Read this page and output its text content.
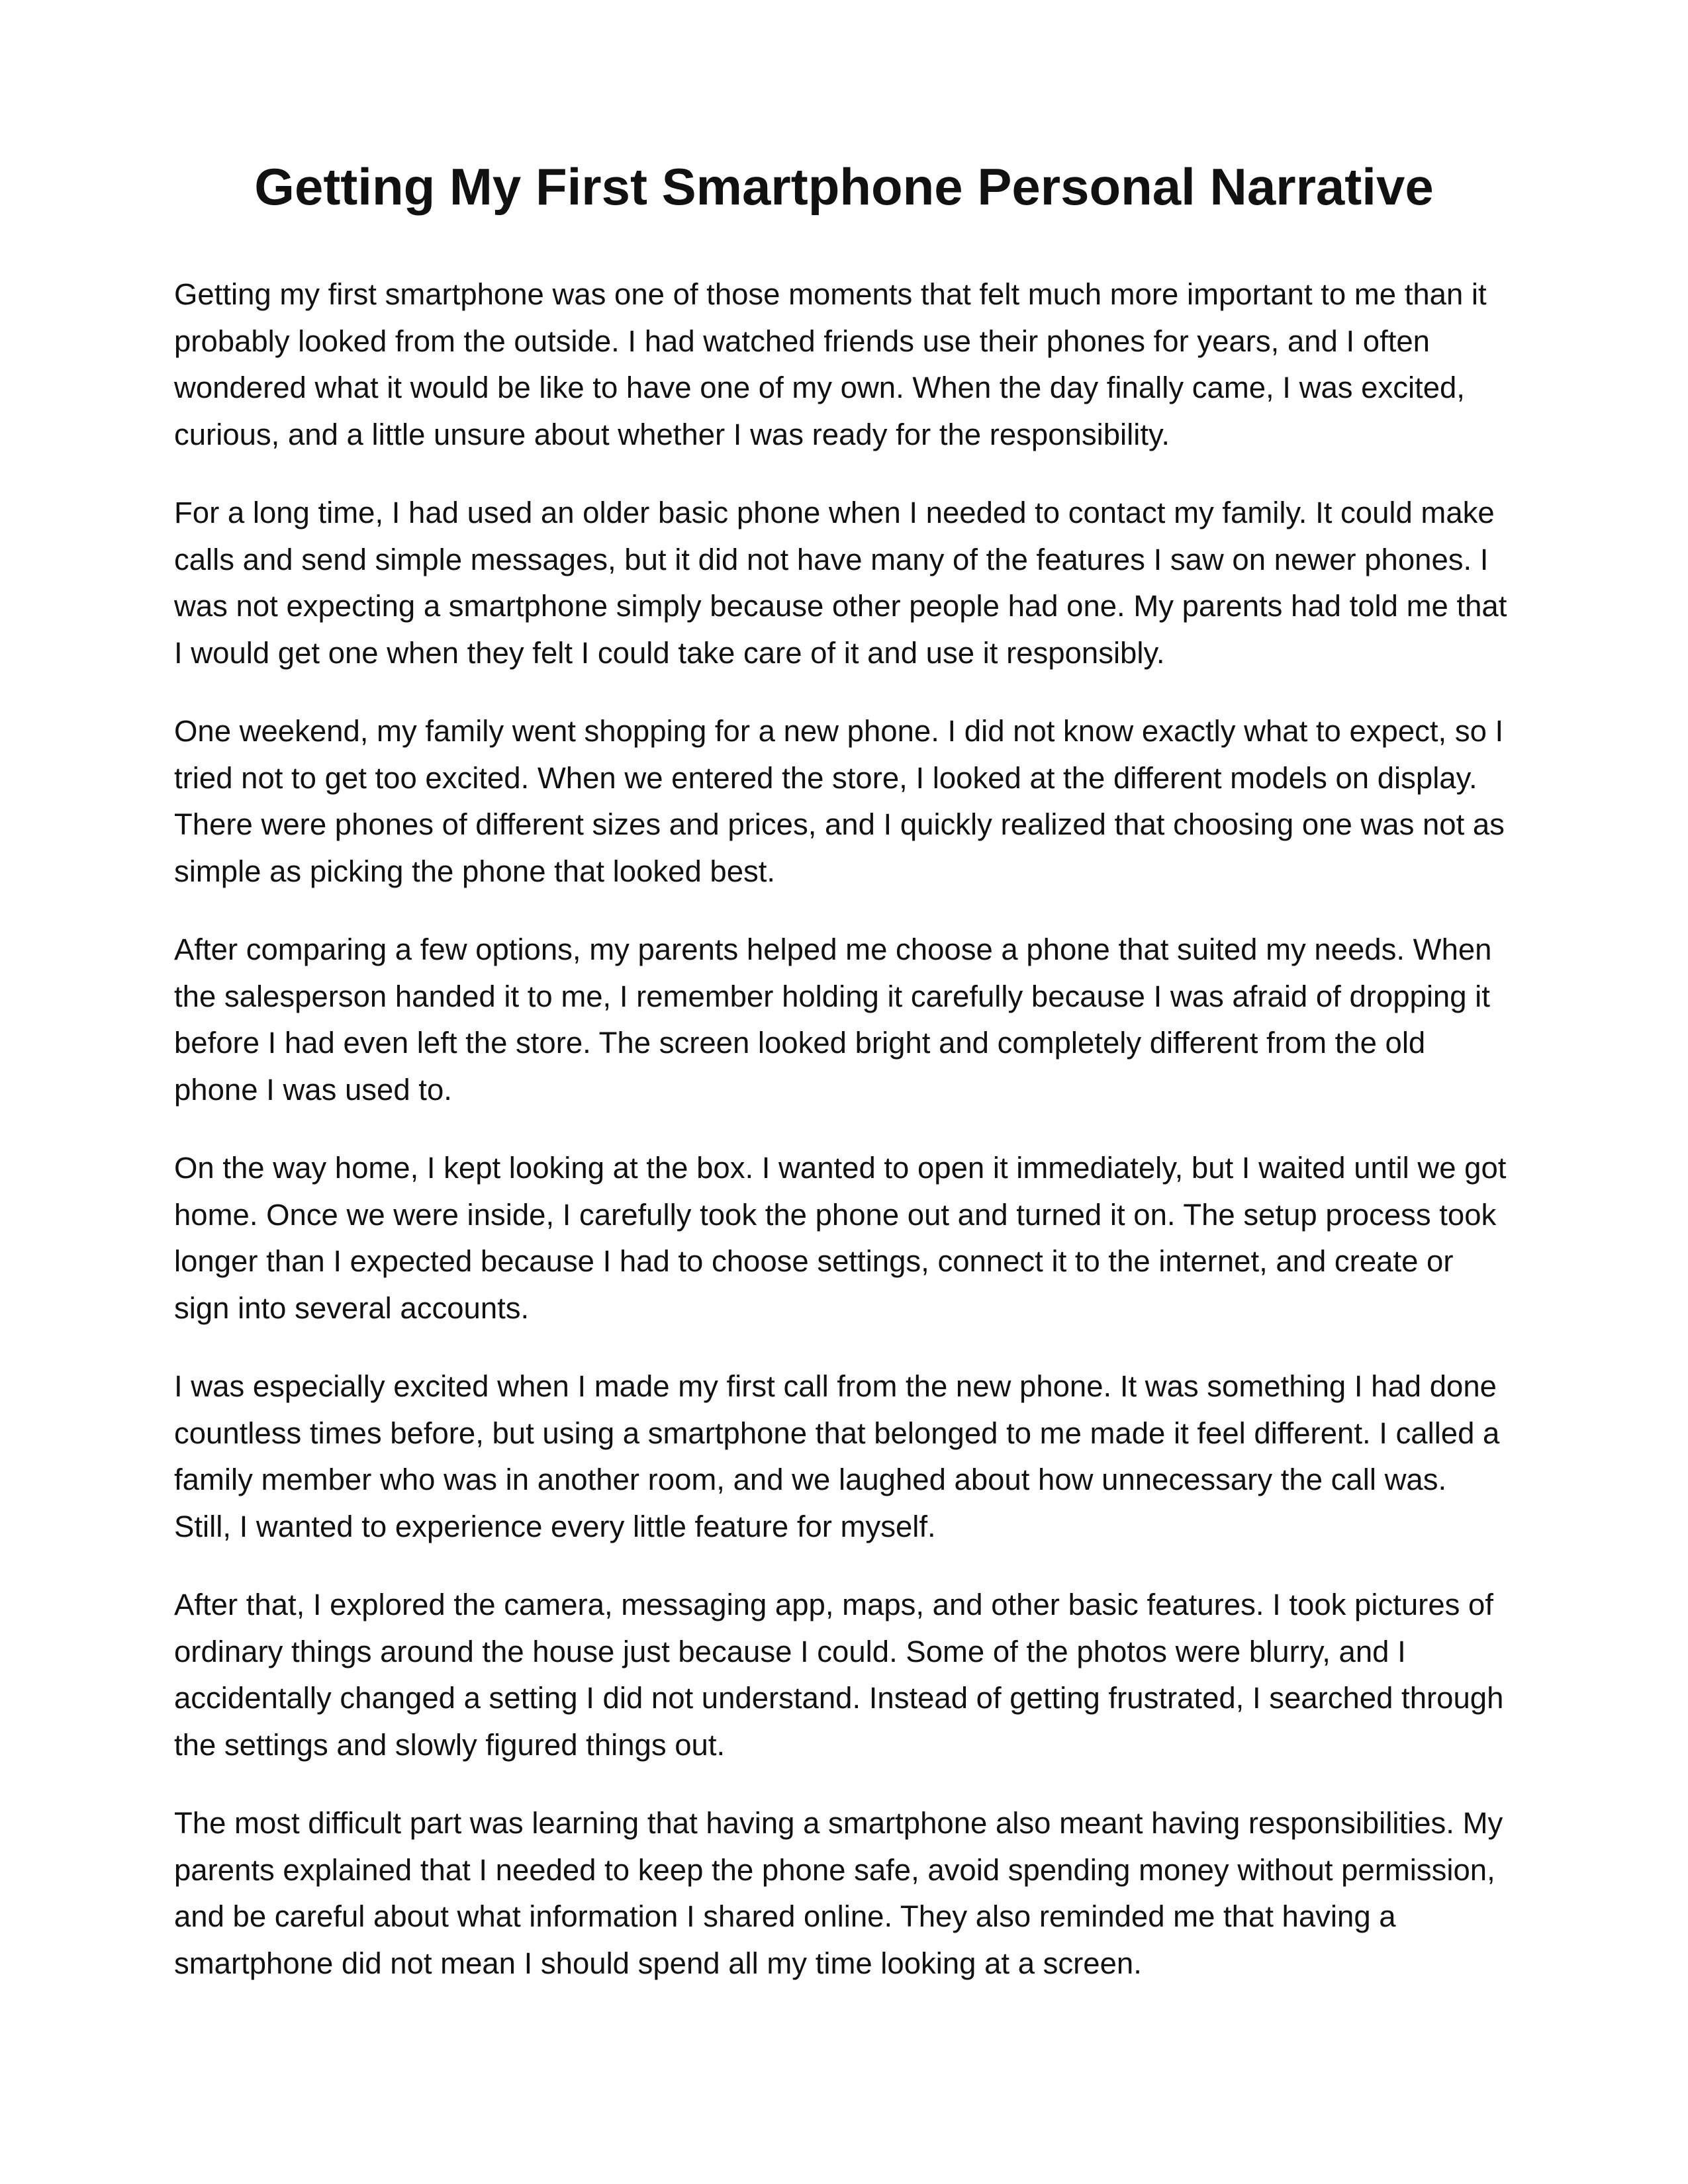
Getting My First Smartphone Personal Narrative

Getting my first smartphone was one of those moments that felt much more important to me than it
probably looked from the outside. I had watched friends use their phones for years, and I often
wondered what it would be like to have one of my own. When the day finally came, I was excited,
curious, and a little unsure about whether I was ready for the responsibility.

For a long time, I had used an older basic phone when I needed to contact my family. It could make
calls and send simple messages, but it did not have many of the features I saw on newer phones. I
was not expecting a smartphone simply because other people had one. My parents had told me that
I would get one when they felt I could take care of it and use it responsibly.

One weekend, my family went shopping for a new phone. I did not know exactly what to expect, so I
tried not to get too excited. When we entered the store, I looked at the different models on display.
There were phones of different sizes and prices, and I quickly realized that choosing one was not as
simple as picking the phone that looked best.

After comparing a few options, my parents helped me choose a phone that suited my needs. When
the salesperson handed it to me, I remember holding it carefully because I was afraid of dropping it
before I had even left the store. The screen looked bright and completely different from the old
phone I was used to.

On the way home, I kept looking at the box. I wanted to open it immediately, but I waited until we got
home. Once we were inside, I carefully took the phone out and turned it on. The setup process took
longer than I expected because I had to choose settings, connect it to the internet, and create or
sign into several accounts.

I was especially excited when I made my first call from the new phone. It was something I had done
countless times before, but using a smartphone that belonged to me made it feel different. I called a
family member who was in another room, and we laughed about how unnecessary the call was.
Still, I wanted to experience every little feature for myself.

After that, I explored the camera, messaging app, maps, and other basic features. I took pictures of
ordinary things around the house just because I could. Some of the photos were blurry, and I
accidentally changed a setting I did not understand. Instead of getting frustrated, I searched through
the settings and slowly figured things out.

The most difficult part was learning that having a smartphone also meant having responsibilities. My
parents explained that I needed to keep the phone safe, avoid spending money without permission,
and be careful about what information I shared online. They also reminded me that having a
smartphone did not mean I should spend all my time looking at a screen.
